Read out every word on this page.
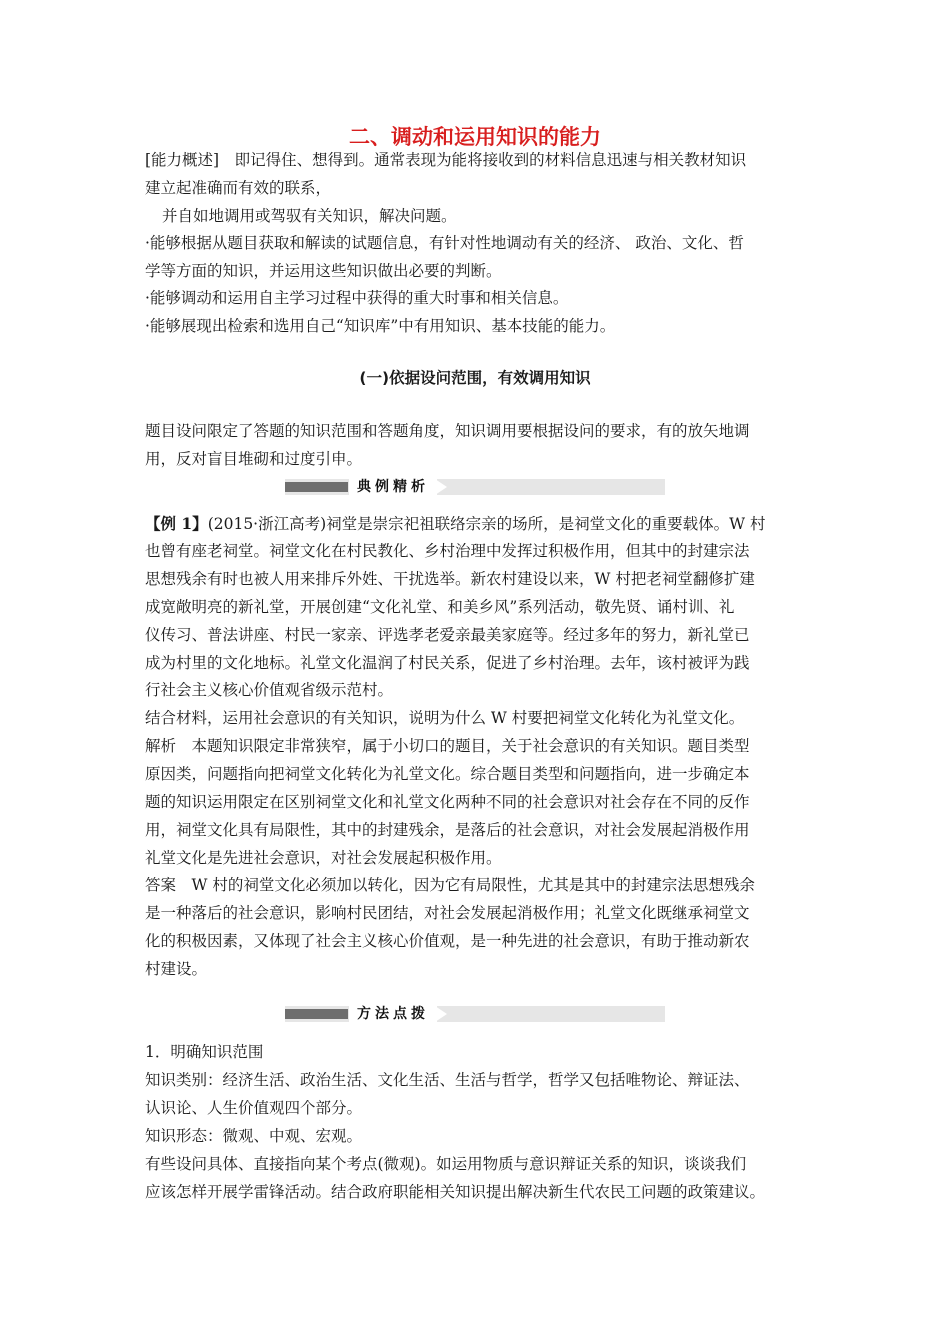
二、调动和运用知识的能力
[能力概述]　即记得住、想得到。通常表现为能将接收到的材料信息迅速与相关教材知识
建立起准确而有效的联系，
并自如地调用或驾驭有关知识，解决问题。
·能够根据从题目获取和解读的试题信息，有针对性地调动有关的经济、 政治、文化、哲
学等方面的知识，并运用这些知识做出必要的判断。
·能够调动和运用自主学习过程中获得的重大时事和相关信息。
·能够展现出检索和选用自己“知识库”中有用知识、基本技能的能力。
(一)依据设问范围，有效调用知识
题目设问限定了答题的知识范围和答题角度，知识调用要根据设问的要求，有的放矢地调
用，反对盲目堆砌和过度引申。
典例精析
【例 1】(2015·浙江高考)祠堂是崇宗祀祖联络宗亲的场所，是祠堂文化的重要载体。W 村
也曾有座老祠堂。祠堂文化在村民教化、乡村治理中发挥过积极作用，但其中的封建宗法
思想残余有时也被人用来排斥外姓、干扰选举。新农村建设以来，W 村把老祠堂翻修扩建
成宽敞明亮的新礼堂，开展创建“文化礼堂、和美乡风”系列活动，敬先贤、诵村训、礼
仪传习、普法讲座、村民一家亲、评选孝老爱亲最美家庭等。经过多年的努力，新礼堂已
成为村里的文化地标。礼堂文化温润了村民关系，促进了乡村治理。去年，该村被评为践
行社会主义核心价值观省级示范村。
结合材料，运用社会意识的有关知识，说明为什么 W 村要把祠堂文化转化为礼堂文化。
解析　本题知识限定非常狭窄，属于小切口的题目，关于社会意识的有关知识。题目类型
原因类，问题指向把祠堂文化转化为礼堂文化。综合题目类型和问题指向，进一步确定本
题的知识运用限定在区别祠堂文化和礼堂文化两种不同的社会意识对社会存在不同的反作
用，祠堂文化具有局限性，其中的封建残余，是落后的社会意识，对社会发展起消极作用
礼堂文化是先进社会意识，对社会发展起积极作用。
答案　W 村的祠堂文化必须加以转化，因为它有局限性，尤其是其中的封建宗法思想残余
是一种落后的社会意识，影响村民团结，对社会发展起消极作用；礼堂文化既继承祠堂文
化的积极因素，又体现了社会主义核心价值观，是一种先进的社会意识，有助于推动新农
村建设。
方法点拨
1．明确知识范围
知识类别：经济生活、政治生活、文化生活、生活与哲学，哲学又包括唯物论、辩证法、
认识论、人生价值观四个部分。
知识形态：微观、中观、宏观。
有些设问具体、直接指向某个考点(微观)。如运用物质与意识辩证关系的知识，谈谈我们
应该怎样开展学雷锋活动。结合政府职能相关知识提出解决新生代农民工问题的政策建议。
